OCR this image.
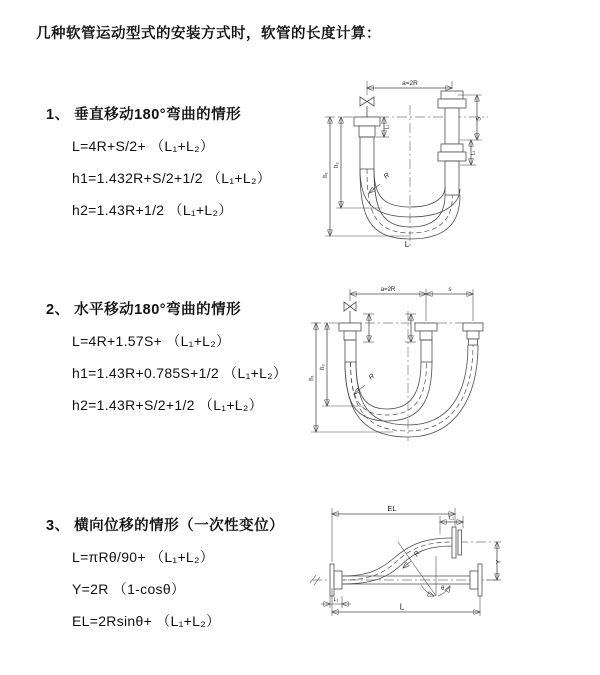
几种软管运动型式的安装方式时，软管的长度计算：
1、 垂直移动180°弯曲的情形
L=4R+S/2+ （L₁+L₂）
h1=1.432R+S/2+1/2 （L₁+L₂）
h2=1.43R+1/2 （L₁+L₂）
2、 水平移动180°弯曲的情形
L=4R+1.57S+ （L₁+L₂）
h1=1.43R+0.785S+1/2 （L₁+L₂）
h2=1.43R+S/2+1/2 （L₁+L₂）
3、 横向位移的情形（一次性变位）
L=πRθ/90+ （L₁+L₂）
Y=2R （1-cosθ）
EL=2Rsinθ+ （L₁+L₂）
a=2R
R
h₁
h₂
L₁
S
L₁
L
a=2R	s
R
h₁
h₂
EL
L₁
R
θ
Y
L
L₁
